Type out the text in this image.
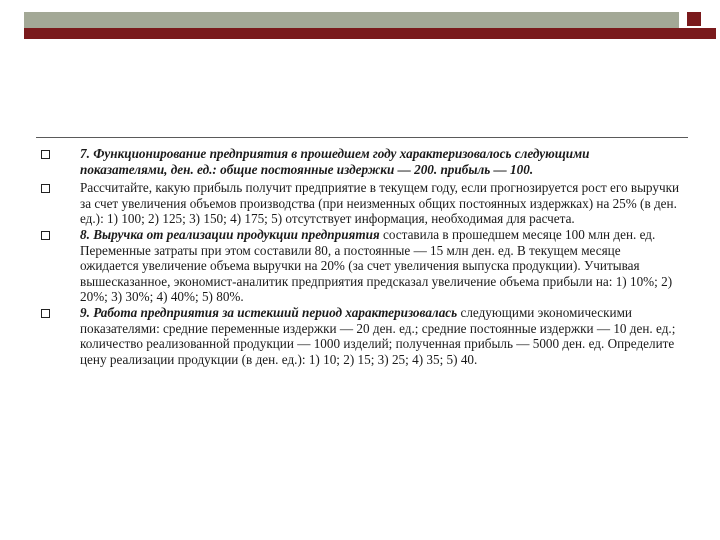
7. Функционирование предприятия в прошедшем году характеризовалось следующими показателями, ден. ед.: общие постоянные издержки — 200. прибыль — 100.
Рассчитайте, какую прибыль получит предприятие в текущем году, если прогнозируется рост его выручки за счет увеличения объемов производства (при неизменных общих постоянных издержках) на 25% (в ден. ед.): 1) 100; 2) 125; 3) 150; 4) 175; 5) отсутствует информация, необходимая для расчета.
8. Выручка от реализации продукции предприятия составила в прошедшем месяце 100 млн ден. ед. Переменные затраты при этом составили 80, а постоянные — 15 млн ден. ед. В текущем месяце ожидается увеличение объема выручки на 20% (за счет увеличения выпуска продукции). Учитывая вышесказанное, экономист-аналитик предприятия предсказал увеличение объема прибыли на: 1) 10%; 2) 20%; 3) 30%; 4) 40%; 5) 80%.
9. Работа предприятия за истекший период характеризовалась следующими экономическими показателями: средние переменные издержки — 20 ден. ед.; средние постоянные издержки — 10 ден. ед.; количество реализованной продукции — 1000 изделий; полученная прибыль — 5000 ден. ед. Определите цену реализации продукции (в ден. ед.): 1) 10; 2) 15; 3) 25; 4) 35; 5) 40.
